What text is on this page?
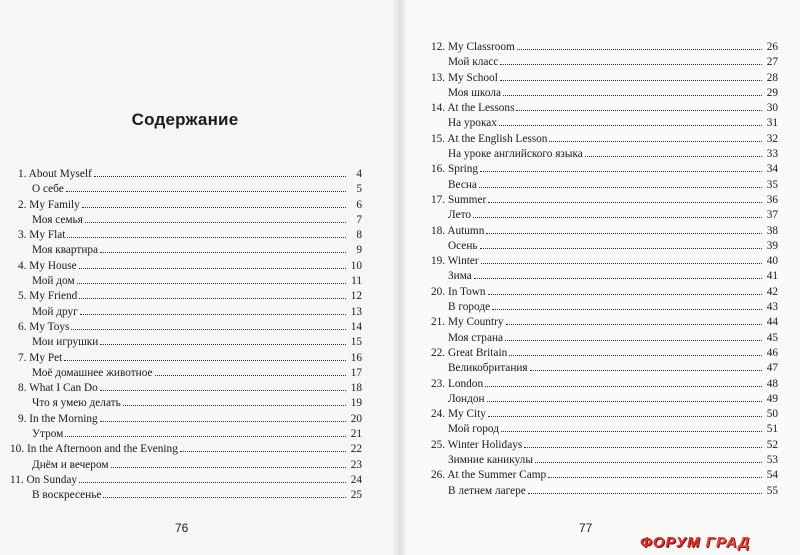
Содержание
1. About Myself	4
О себе	5
2. My Family	6
Моя семья	7
3. My Flat	8
Моя квартира	9
4. My House	10
Мой дом	11
5. My Friend	12
Мой друг	13
6. My Toys	14
Мои игрушки	15
7. My Pet	16
Моё домашнее животное	17
8. What I Can Do	18
Что я умею делать	19
9. In the Morning	20
Утром	21
10. In the Afternoon and the Evening	22
Днём и вечером	23
11. On Sunday	24
В воскресенье	25
76	77
12. My Classroom	26
Мой класс	27
13. My School	28
Моя школа	29
14. At the Lessons	30
На уроках	31
15. At the English Lesson	32
На уроке английского языка	33
16. Spring	34
Весна	35
17. Summer	36
Лето	37
18. Autumn	38
Осень	39
19. Winter	40
Зима	41
20. In Town	42
В городе	43
21. My Country	44
Моя страна	45
22. Great Britain	46
Великобритания	47
23. London	48
Лондон	49
24. My City	50
Мой город	51
25. Winter Holidays	52
Зимние каникулы	53
26. At the Summer Camp	54
В летнем лагере	55
ФОРУМ ГРАД
